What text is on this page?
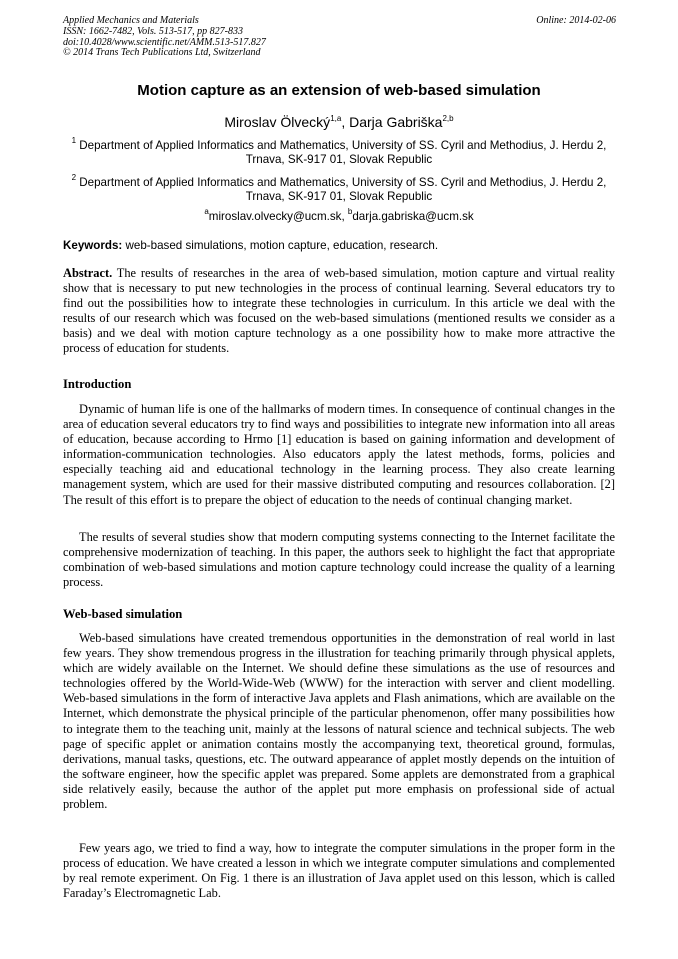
Applied Mechanics and Materials
ISSN: 1662-7482, Vols. 513-517, pp 827-833
doi:10.4028/www.scientific.net/AMM.513-517.827
© 2014 Trans Tech Publications Ltd, Switzerland
Online: 2014-02-06
Motion capture as an extension of web-based simulation
Miroslav Ölvecký$^{1,a}$, Darja Gabriška$^{2,b}$
$^1$ Department of Applied Informatics and Mathematics, University of SS. Cyril and Methodius, J. Herdu 2, Trnava, SK-917 01, Slovak Republic
$^2$ Department of Applied Informatics and Mathematics, University of SS. Cyril and Methodius, J. Herdu 2, Trnava, SK-917 01, Slovak Republic
$^a$miroslav.olvecky@ucm.sk, $^b$darja.gabriska@ucm.sk
Keywords: web-based simulations, motion capture, education, research.
Abstract. The results of researches in the area of web-based simulation, motion capture and virtual reality show that is necessary to put new technologies in the process of continual learning. Several educators try to find out the possibilities how to integrate these technologies in curriculum. In this article we deal with the results of our research which was focused on the web-based simulations (mentioned results we consider as a basis) and we deal with motion capture technology as a one possibility how to make more attractive the process of education for students.
Introduction
Dynamic of human life is one of the hallmarks of modern times. In consequence of continual changes in the area of education several educators try to find ways and possibilities to integrate new information into all areas of education, because according to Hrmo [1] education is based on gaining information and development of information-communication technologies. Also educators apply the latest methods, forms, policies and especially teaching aid and educational technology in the learning process. They also create learning management system, which are used for their massive distributed computing and resources collaboration. [2] The result of this effort is to prepare the object of education to the needs of continual changing market.
The results of several studies show that modern computing systems connecting to the Internet facilitate the comprehensive modernization of teaching. In this paper, the authors seek to highlight the fact that appropriate combination of web-based simulations and motion capture technology could increase the quality of a learning process.
Web-based simulation
Web-based simulations have created tremendous opportunities in the demonstration of real world in last few years. They show tremendous progress in the illustration for teaching primarily through physical applets, which are widely available on the Internet. We should define these simulations as the use of resources and technologies offered by the World-Wide-Web (WWW) for the interaction with server and client modelling. Web-based simulations in the form of interactive Java applets and Flash animations, which are available on the Internet, which demonstrate the physical principle of the particular phenomenon, offer many possibilities how to integrate them to the teaching unit, mainly at the lessons of natural science and technical subjects. The web page of specific applet or animation contains mostly the accompanying text, theoretical ground, formulas, derivations, manual tasks, questions, etc. The outward appearance of applet mostly depends on the intuition of the software engineer, how the specific applet was prepared. Some applets are demonstrated from a graphical side relatively easily, because the author of the applet put more emphasis on professional side of actual problem.
Few years ago, we tried to find a way, how to integrate the computer simulations in the proper form in the process of education. We have created a lesson in which we integrate computer simulations and complemented by real remote experiment. On Fig. 1 there is an illustration of Java applet used on this lesson, which is called Faraday’s Electromagnetic Lab.
